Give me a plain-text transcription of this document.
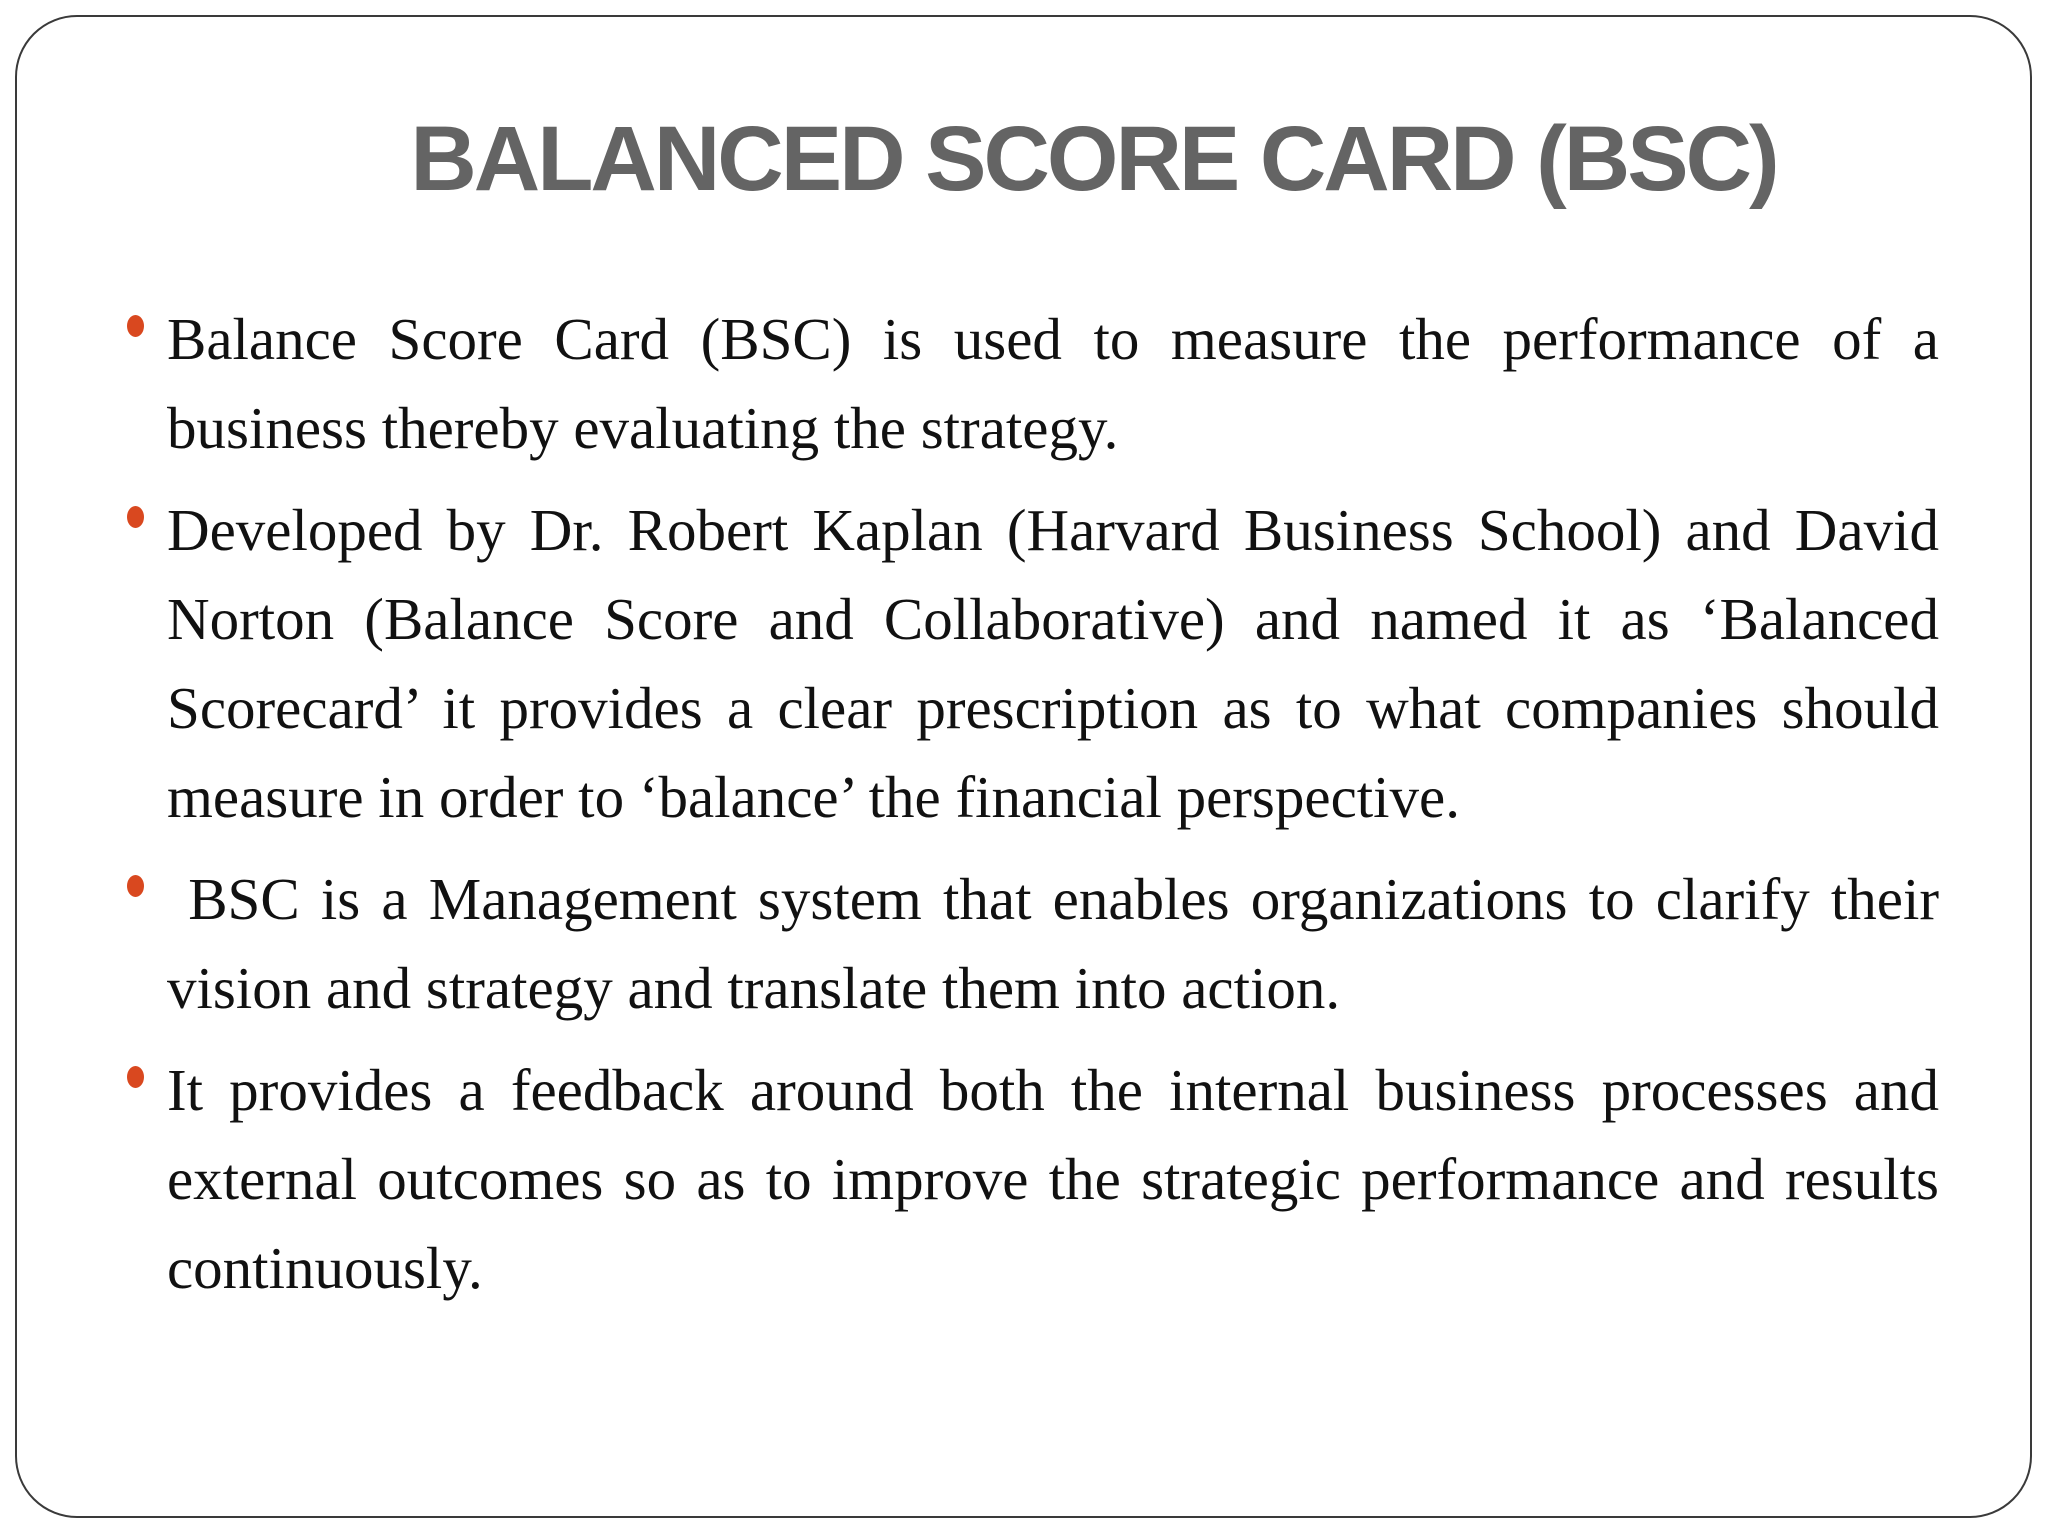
BALANCED SCORE CARD (BSC)
Balance Score Card (BSC) is used to measure the performance of a business thereby evaluating the strategy.
Developed by Dr. Robert Kaplan (Harvard Business School) and David Norton (Balance Score and Collaborative) and named it as ‘Balanced Scorecard’ it provides a clear prescription as to what companies should measure in order to ‘balance’ the financial perspective.
BSC is a Management system that enables organizations to clarify their vision and strategy and translate them into action.
It provides a feedback around both the internal business processes and external outcomes so as to improve the strategic performance and results continuously.
